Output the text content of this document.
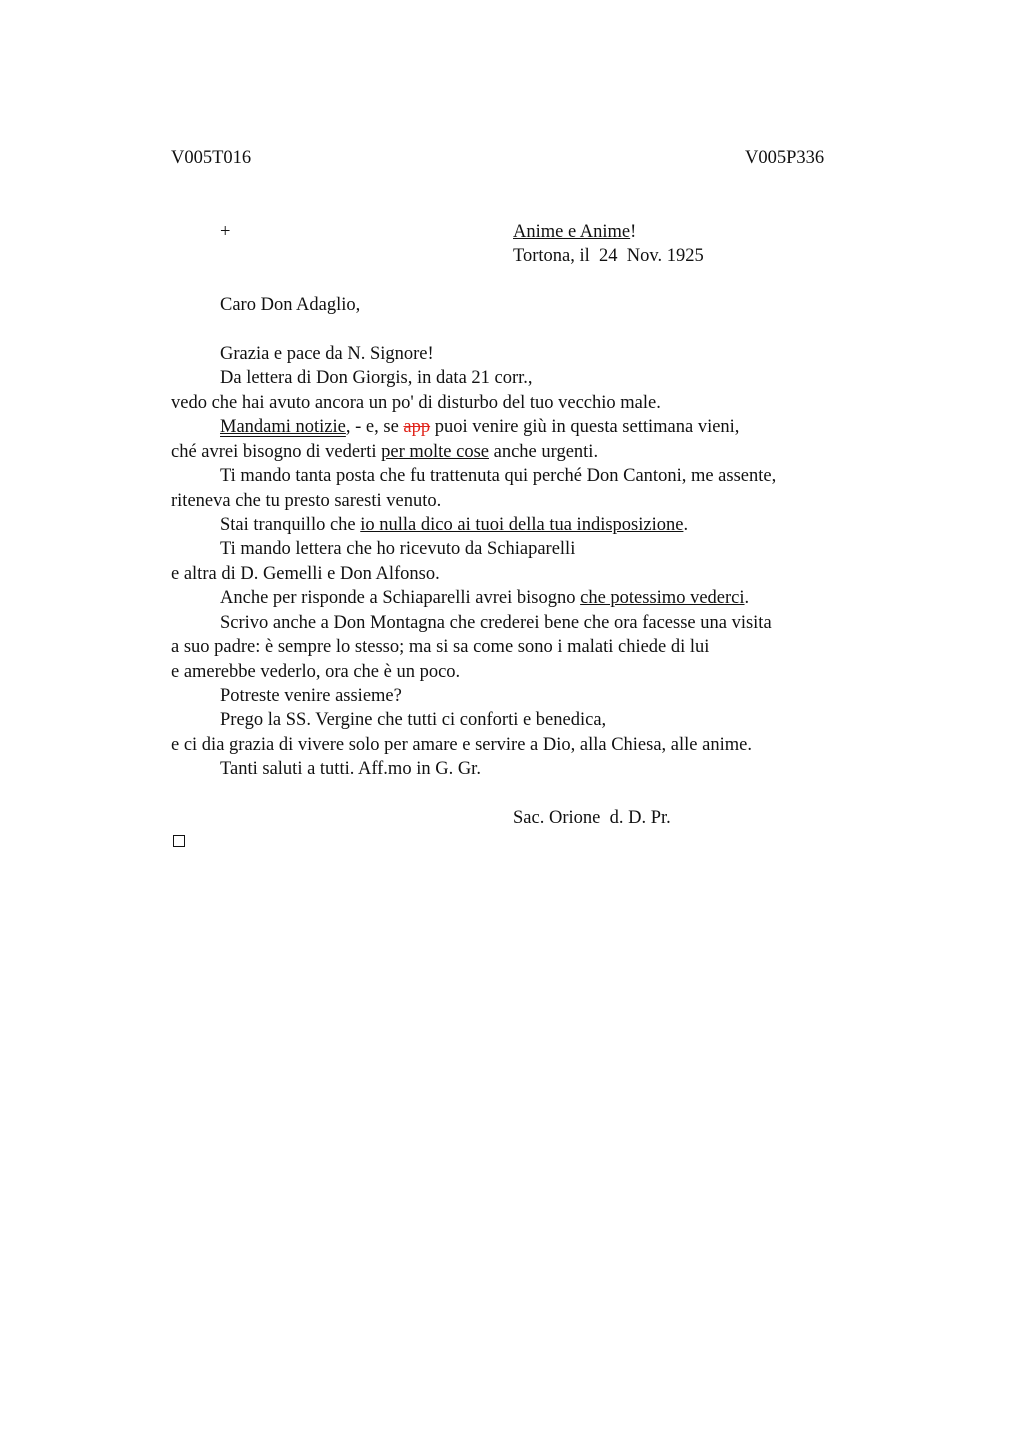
V005T016	V005P336
+	Anime e Anime!
Tortona, il  24  Nov. 1925
Caro Don Adaglio,
Grazia e pace da N. Signore!
Da lettera di Don Giorgis, in data 21 corr.,
vedo che hai avuto ancora un po' di disturbo del tuo vecchio male.
Mandami notizie, - e, se app puoi venire giù in questa settimana vieni,
ché avrei bisogno di vederti per molte cose anche urgenti.
Ti mando tanta posta che fu trattenuta qui perché Don Cantoni, me assente,
riteneva che tu presto saresti venuto.
Stai tranquillo che io nulla dico ai tuoi della tua indisposizione.
Ti mando lettera che ho ricevuto da Schiaparelli
e altra di D. Gemelli e Don Alfonso.
Anche per risponde a Schiaparelli avrei bisogno che potessimo vederci.
Scrivo anche a Don Montagna che crederei bene che ora facesse una visita
a suo padre: è sempre lo stesso; ma si sa come sono i malati chiede di lui
e amerebbe vederlo, ora che è un poco.
Potreste venire assieme?
Prego la SS. Vergine che tutti ci conforti e benedica,
e ci dia grazia di vivere solo per amare e servire a Dio, alla Chiesa, alle anime.
Tanti saluti a tutti. Aff.mo in G. Gr.
Sac. Orione  d. D. Pr.
